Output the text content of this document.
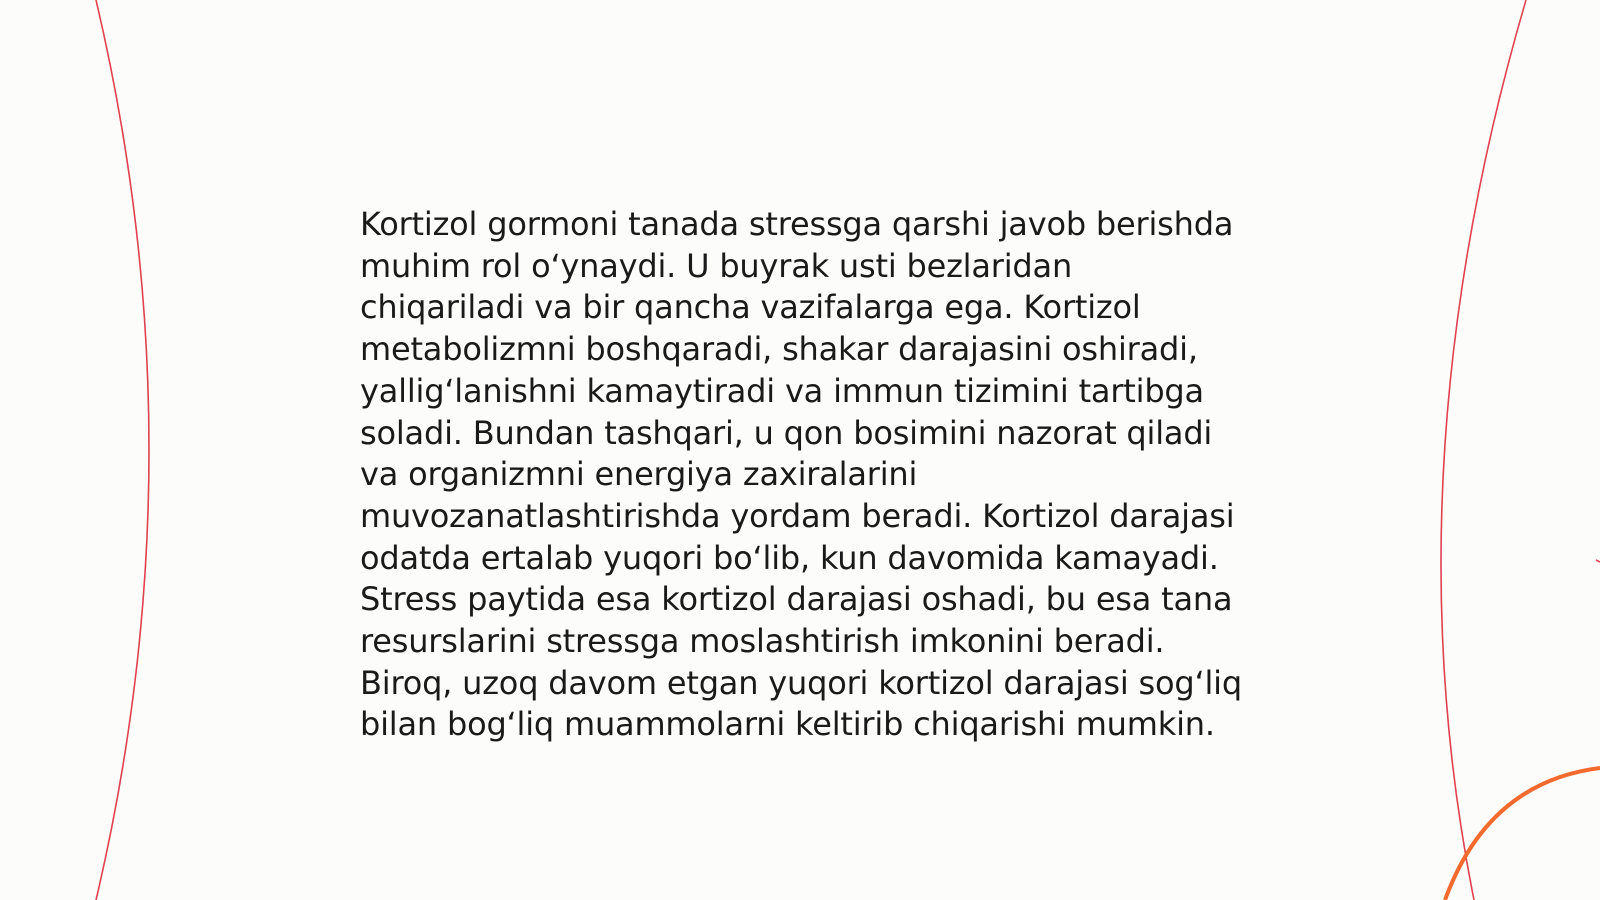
Kortizol gormoni tanada stressga qarshi javob berishda muhim rol o‘ynaydi. U buyrak usti bezlaridan chiqariladi va bir qancha vazifalarga ega. Kortizol metabolizmni boshqaradi, shakar darajasini oshiradi, yallig‘lanishni kamaytiradi va immun tizimini tartibga soladi. Bundan tashqari, u qon bosimini nazorat qiladi va organizmni energiya zaxiralarini muvozanatlashtirishda yordam beradi. Kortizol darajasi odatda ertalab yuqori bo‘lib, kun davomida kamayadi. Stress paytida esa kortizol darajasi oshadi, bu esa tana resurslarini stressga moslashtirish imkonini beradi. Biroq, uzoq davom etgan yuqori kortizol darajasi sog‘liq bilan bog‘liq muammolarni keltirib chiqarishi mumkin.
